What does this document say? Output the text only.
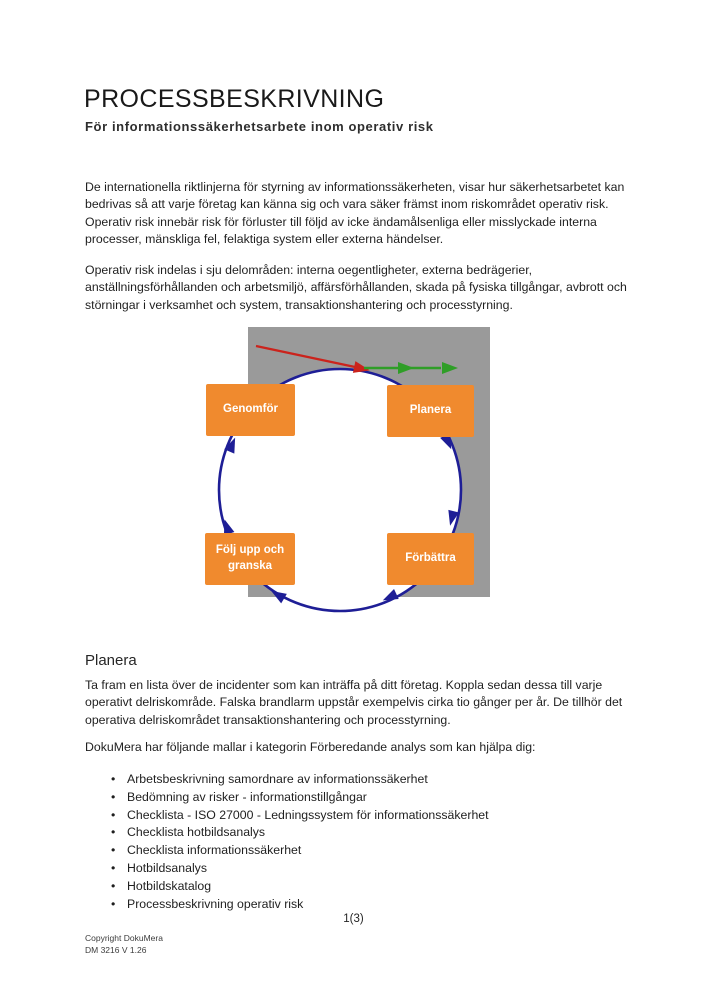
PROCESSBESKRIVNING
För informationssäkerhetsarbete inom operativ risk
De internationella riktlinjerna för styrning av informationssäkerheten, visar hur säkerhetsarbetet kan bedrivas så att varje företag kan känna sig och vara säker främst inom riskområdet operativ risk. Operativ risk innebär risk för förluster till följd av icke ändamålsenliga eller misslyckade interna processer, mänskliga fel, felaktiga system eller externa händelser.
Operativ risk indelas i sju delområden: interna oegentligheter, externa bedrägerier, anställningsförhållanden och arbetsmiljö, affärsförhållanden, skada på fysiska tillgångar, avbrott och störningar i verksamhet och system, transaktionshantering och processtyrning.
Genomför	Planera
Följ upp och granska
Förbättra
Planera
Ta fram en lista över de incidenter som kan inträffa på ditt företag. Koppla sedan dessa till varje operativt delriskområde. Falska brandlarm uppstår exempelvis cirka tio gånger per år. De tillhör det operativa delriskområdet transaktionshantering och processtyrning.
DokuMera har följande mallar i kategorin Förberedande analys som kan hjälpa dig:
• Arbetsbeskrivning samordnare av informationssäkerhet
• Bedömning av risker - informationstillgångar
• Checklista - ISO 27000 - Ledningssystem för informationssäkerhet
• Checklista hotbildsanalys
• Checklista informationssäkerhet
• Hotbildsanalys
• Hotbildskatalog
• Processbeskrivning operativ risk
1(3)
Copyright DokuMera
DM 3216 V 1.26
